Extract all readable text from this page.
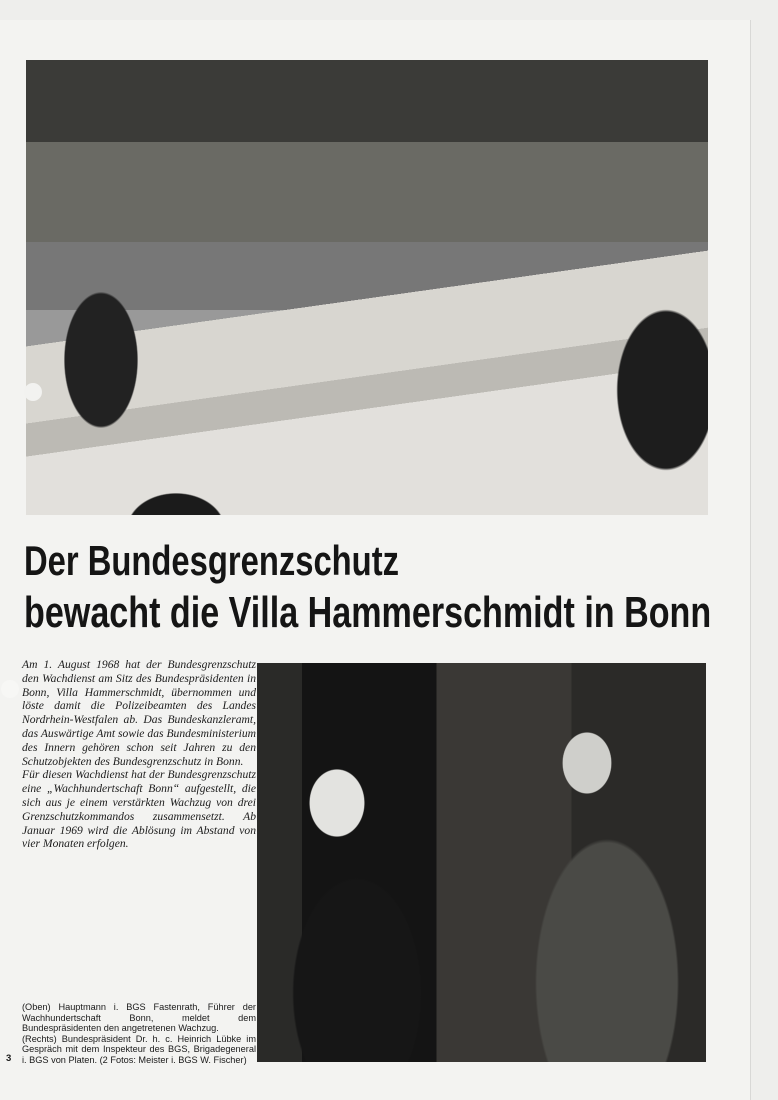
Der Bundesgrenzschutz
bewacht die Villa Hammerschmidt in Bonn

Am 1. August 1968 hat der Bundesgrenzschutz den Wachdienst am Sitz des Bundespräsidenten in Bonn, Villa Hammerschmidt, übernommen und löste damit die Polizeibeamten des Landes Nordrhein-Westfalen ab. Das Bundeskanzleramt, das Auswärtige Amt sowie das Bundesministerium des Innern gehören schon seit Jahren zu den Schutzobjekten des Bundesgrenzschutz in Bonn.

Für diesen Wachdienst hat der Bundesgrenzschutz eine „Wachhundertschaft Bonn“ aufgestellt, die sich aus je einem verstärkten Wachzug von drei Grenzschutzkommandos zusammensetzt. Ab Januar 1969 wird die Ablösung im Abstand von vier Monaten erfolgen.

(Oben) Hauptmann i. BGS Fastenrath, Führer der Wachhundertschaft Bonn, meldet dem Bundespräsidenten den angetretenen Wachzug.

(Rechts) Bundespräsident Dr. h. c. Heinrich Lübke im Gespräch mit dem Inspekteur des BGS, Brigadegeneral i. BGS von Platen. (2 Fotos: Meister i. BGS W. Fischer)

3
